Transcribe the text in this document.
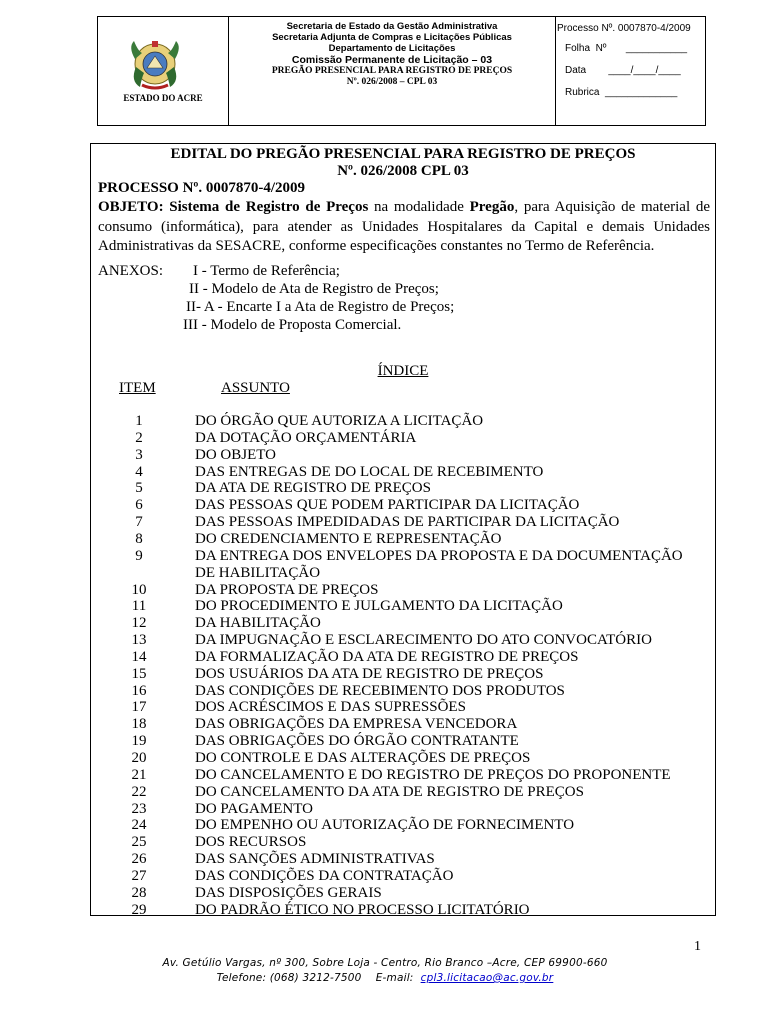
ESTADO DO ACRE
Secretaria de Estado da Gestão Administrativa
Secretaria Adjunta de Compras e Licitações Públicas
Departamento de Licitações
Comissão Permanente de Licitação – 03
PREGÃO PRESENCIAL PARA REGISTRO DE PREÇOS
Nº. 026/2008 – CPL 03
Processo Nº. 0007870-4/2009
Folha  Nº       ___________
Data        ____/____/____
Rubrica  _____________
EDITAL DO PREGÃO PRESENCIAL PARA REGISTRO DE PREÇOS
Nº. 026/2008 CPL 03
PROCESSO Nº. 0007870-4/2009
OBJETO: Sistema de Registro de Preços na modalidade Pregão, para Aquisição de material de
consumo (informática), para atender as Unidades Hospitalares da Capital e demais Unidades
Administrativas da SESACRE, conforme especificações constantes no Termo de Referência.
ANEXOS: I - Termo de Referência;
II - Modelo de Ata de Registro de Preços;
II- A - Encarte I a Ata de Registro de Preços;
III - Modelo de Proposta Comercial.
ÍNDICE
ITEM	ASSUNTO
1	DO ÓRGÃO QUE AUTORIZA A LICITAÇÃO
2	DA DOTAÇÃO ORÇAMENTÁRIA
3	DO OBJETO
4	DAS ENTREGAS DE DO LOCAL DE RECEBIMENTO
5	DA ATA DE REGISTRO DE PREÇOS
6	DAS PESSOAS QUE PODEM PARTICIPAR DA LICITAÇÃO
7	DAS PESSOAS IMPEDIDADAS DE PARTICIPAR DA LICITAÇÃO
8	DO CREDENCIAMENTO E REPRESENTAÇÃO
9	DA ENTREGA DOS ENVELOPES DA PROPOSTA E DA DOCUMENTAÇÃO
DE HABILITAÇÃO
10	DA PROPOSTA DE PREÇOS
11	DO PROCEDIMENTO E JULGAMENTO DA LICITAÇÃO
12	DA HABILITAÇÃO
13	DA IMPUGNAÇÃO E ESCLARECIMENTO DO ATO CONVOCATÓRIO
14	DA FORMALIZAÇÃO DA ATA DE REGISTRO DE PREÇOS
15	DOS USUÁRIOS DA ATA DE REGISTRO DE PREÇOS
16	DAS CONDIÇÕES DE RECEBIMENTO DOS PRODUTOS
17	DOS ACRÉSCIMOS E DAS SUPRESSÕES
18	DAS OBRIGAÇÕES DA EMPRESA VENCEDORA
19	DAS OBRIGAÇÕES DO ÓRGÃO CONTRATANTE
20	DO CONTROLE E DAS ALTERAÇÕES DE PREÇOS
21	DO CANCELAMENTO E DO REGISTRO DE PREÇOS DO PROPONENTE
22	DO CANCELAMENTO DA ATA DE REGISTRO DE PREÇOS
23	DO PAGAMENTO
24	DO EMPENHO OU AUTORIZAÇÃO DE FORNECIMENTO
25	DOS RECURSOS
26	DAS SANÇÕES ADMINISTRATIVAS
27	DAS CONDIÇÕES DA CONTRATAÇÃO
28	DAS DISPOSIÇÕES GERAIS
29	DO PADRÃO ÉTICO NO PROCESSO LICITATÓRIO
1
Av. Getúlio Vargas, nº 300, Sobre Loja - Centro, Rio Branco –Acre, CEP 69900-660
Telefone: (068) 3212-7500    E-mail:  cpl3.licitacao@ac.gov.br
